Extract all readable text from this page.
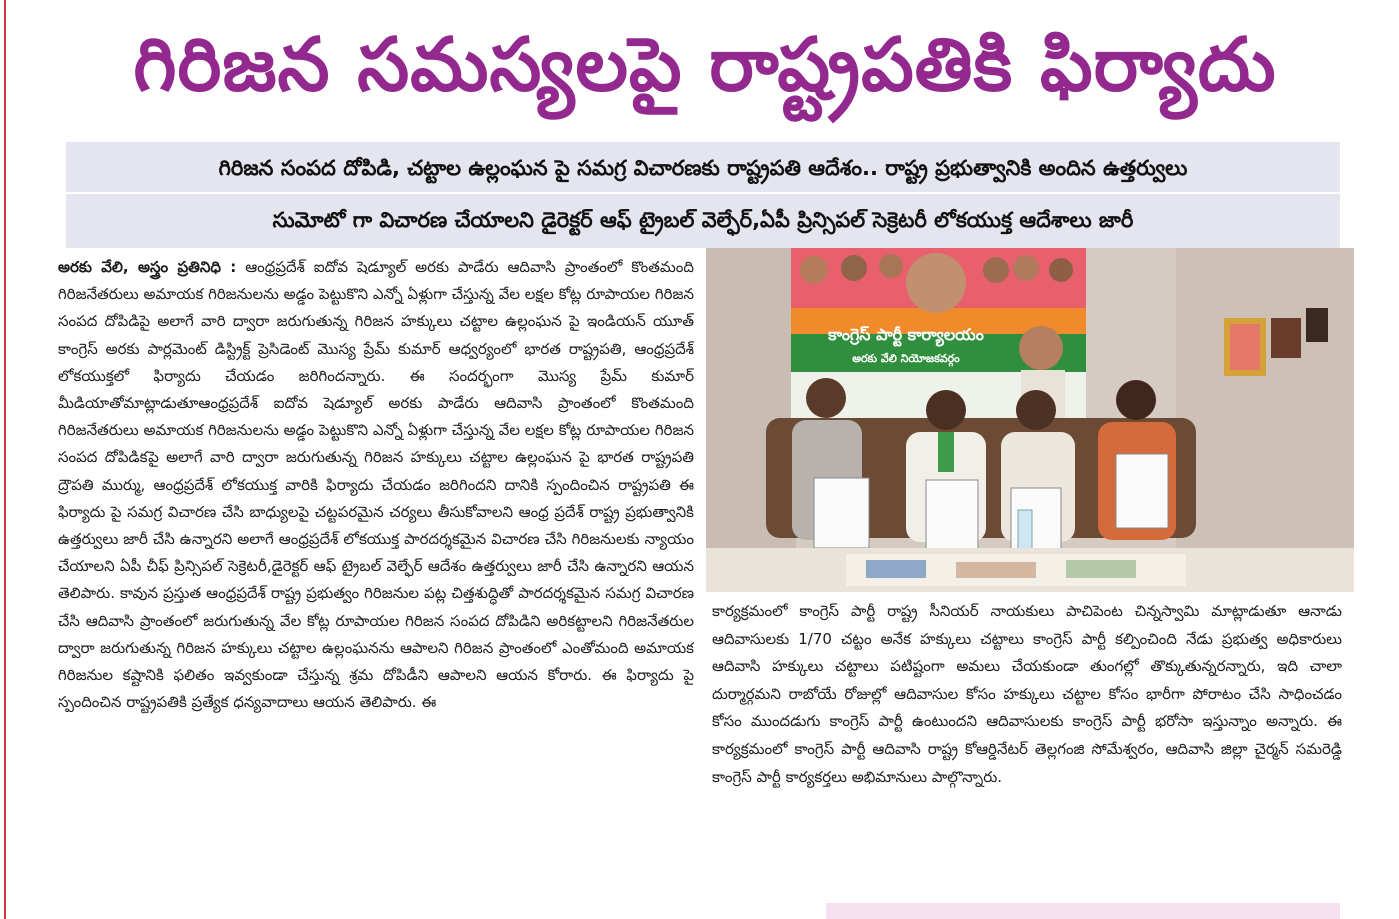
గిరిజన సమస్యలపై రాష్ట్రపతికి ఫిర్యాదు
గిరిజన సంపద దోపిడి, చట్టాల ఉల్లంఘన పై సమగ్ర విచారణకు రాష్ట్రపతి ఆదేశం.. రాష్ట్ర ప్రభుత్వానికి అందిన ఉత్తర్వులు
సుమోటో గా విచారణ చేయాలని డైరెక్టర్ ఆఫ్ ట్రైబల్ వెల్ఫేర్,ఏపీ ప్రిన్సిపల్ సెక్రెటరీ లోకయుక్త ఆదేశాలు జారీ
అరకు వేలి, అస్త్రం ప్రతినిధి : ఆంధ్రప్రదేశ్ ఐదోవ షెడ్యూల్ అరకు పాడేరు ఆదివాసి ప్రాంతంలో కొంతమంది గిరిజనేతరులు అమాయక గిరిజనులను అడ్డం పెట్టుకొని ఎన్నో ఏళ్లుగా చేస్తున్న వేల లక్షల కోట్ల రూపాయల గిరిజన సంపద దోపిడిపై అలాగే వారి ద్వారా జరుగుతున్న గిరిజన హక్కులు చట్టాల ఉల్లంఘన పై ఇండియన్ యూత్ కాంగ్రెస్ అరకు పార్లమెంట్ డిస్ట్రిక్ట్ ప్రెసిడెంట్ మొస్య ప్రేమ్ కుమార్ ఆధ్వర్యంలో భారత రాష్ట్రపతి, ఆంధ్రప్రదేశ్ లోకయుక్తలో ఫిర్యాదు చేయడం జరిగిందన్నారు. ఈ సందర్భంగా మొస్య ప్రేమ్ కుమార్ మీడియాతోమాట్లాడుతూఆంధ్రప్రదేశ్ ఐదోవ షెడ్యూల్ అరకు పాడేరు ఆదివాసి ప్రాంతంలో కొంతమంది గిరిజనేతరులు అమాయక గిరిజనులను అడ్డం పెట్టుకొని ఎన్నో ఏళ్లుగా చేస్తున్న వేల లక్షల కోట్ల రూపాయల గిరిజన సంపద దోపిడికపై అలాగే వారి ద్వారా జరుగుతున్న గిరిజన హక్కులు చట్టాల ఉల్లంఘన పై భారత రాష్ట్రపతి ద్రౌపతి ముర్ము, ఆంధ్రప్రదేశ్ లోకయుక్త వారికి ఫిర్యాదు చేయడం జరిగిందని దానికి స్పందించిన రాష్ట్రపతి ఈ ఫిర్యాదు పై సమగ్ర విచారణ చేసి బాధ్యులపై చట్టపరమైన చర్యలు తీసుకోవాలని ఆంధ్ర ప్రదేశ్ రాష్ట్ర ప్రభుత్వానికి ఉత్తర్వులు జారీ చేసి ఉన్నారని అలాగే ఆంధ్రప్రదేశ్ లోకయుక్త పారదర్శకమైన విచారణ చేసి గిరిజనులకు న్యాయం చేయాలని ఏపీ చీఫ్ ప్రిన్సిపల్ సెక్రెటరీ,డైరెక్టర్ ఆఫ్ ట్రైబల్ వెల్ఫేర్ ఆదేశం ఉత్తర్వులు జారీ చేసి ఉన్నారని ఆయన తెలిపారు. కావున ప్రస్తుత ఆంధ్రప్రదేశ్ రాష్ట్ర ప్రభుత్వం గిరిజనుల పట్ల చిత్తశుద్ధితో పారదర్శకమైన సమగ్ర విచారణ చేసి ఆదివాసి ప్రాంతంలో జరుగుతున్న వేల కోట్ల రూపాయల గిరిజన సంపద దోపిడిని అరికట్టాలని గిరిజనేతరుల ద్వారా జరుగుతున్న గిరిజన హక్కులు చట్టాల ఉల్లంఘనను ఆపాలని గిరిజన ప్రాంతంలో ఎంతోమంది అమాయక గిరిజనుల కష్టానికి ఫలితం ఇవ్వకుండా చేస్తున్న శ్రమ దోపిడీని ఆపాలని ఆయన కోరారు. ఈ ఫిర్యాదు పై స్పందించిన రాష్ట్రపతికి ప్రత్యేక ధన్యవాదాలు ఆయన తెలిపారు. ఈ
కాంగ్రెస్ పార్టీ కార్యాలయం
అరకు వేలి నియోజకవర్గం
కార్యక్రమంలో కాంగ్రెస్ పార్టీ రాష్ట్ర సీనియర్ నాయకులు పాచిపెంట చిన్నస్వామి మాట్లాడుతూ ఆనాడు ఆదివాసులకు 1/70 చట్టం అనేక హక్కులు చట్టాలు కాంగ్రెస్ పార్టీ కల్పించింది నేడు ప్రభుత్వ అధికారులు ఆదివాసి హక్కులు చట్టాలు పటిష్టంగా అమలు చేయకుండా తుంగల్లో తొక్కుతున్నరన్నారు, ఇది చాలా దుర్మార్గమని రాబోయే రోజుల్లో ఆదివాసుల కోసం హక్కులు చట్టాల కోసం భారీగా పోరాటం చేసి సాధించడం కోసం ముందడుగు కాంగ్రెస్ పార్టీ ఉంటుందని ఆదివాసులకు కాంగ్రెస్ పార్టీ భరోసా ఇస్తున్నాం అన్నారు. ఈ కార్యక్రమంలో కాంగ్రెస్ పార్టీ ఆదివాసి రాష్ట్ర కోఆర్డినేటర్ తెల్లగంజి సోమేశ్వరం, ఆదివాసి జిల్లా చైర్మన్ సమరెడ్డి కాంగ్రెస్ పార్టీ కార్యకర్తలు అభిమానులు పాల్గొన్నారు.
